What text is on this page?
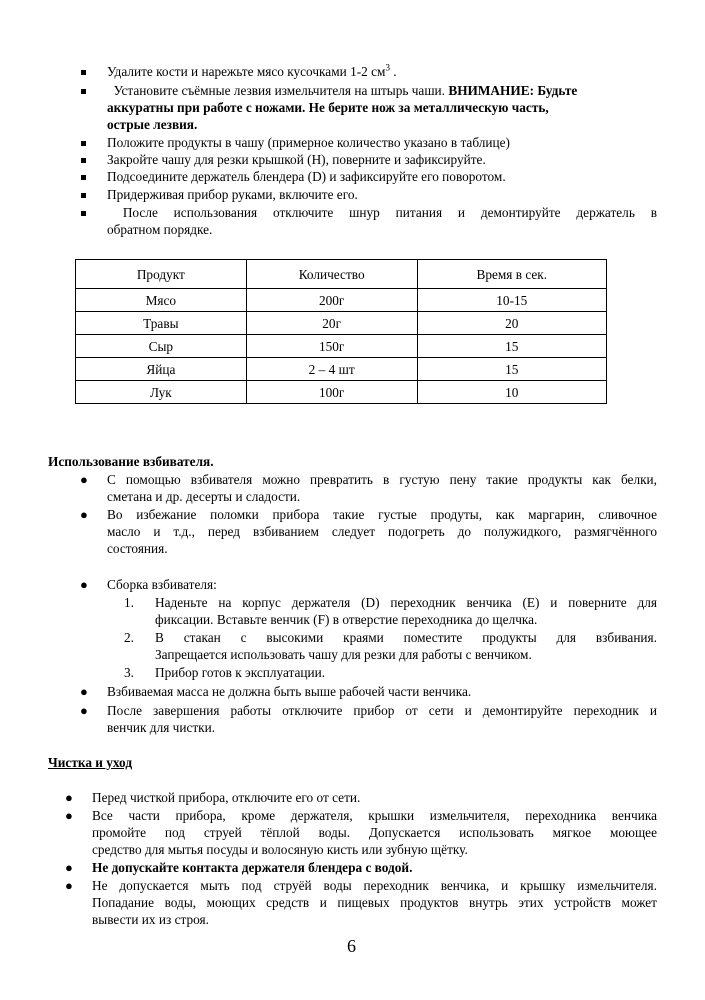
Удалите кости и нарежьте мясо кусочками 1-2 $см^3$ .
Установите съёмные лезвия измельчителя на штырь чаши. ВНИМАНИЕ: Будьте
аккуратны при работе с ножами. Не берите нож за металлическую часть,
острые лезвия.
Положите продукты в чашу (примерное количество указано в таблице)
Закройте чашу для резки крышкой (Н), поверните и зафиксируйте.
Подсоедините держатель блендера (D) и зафиксируйте его поворотом.
Придерживая прибор руками, включите его.
После использования отключите шнур питания и демонтируйте держатель в
обратном порядке.
Продукт	Количество	Время в сек.
Мясо	200г	10-15
Травы	20г	20
Сыр	150г	15
Яйца	2 – 4 шт	15
Лук	100г	10
Использование взбивателя.
● С помощью взбивателя можно превратить в густую пену такие продукты как белки,
сметана и др. десерты и сладости.
● Во избежание поломки прибора такие густые продуты, как маргарин, сливочное
масло и т.д., перед взбиванием следует подогреть до полужидкого, размягчённого
состояния.
● Сборка взбивателя:
1. Наденьте на корпус держателя (D) переходник венчика (E) и поверните для
фиксации. Вставьте венчик (F) в отверстие переходника до щелчка.
2. В стакан с высокими краями поместите продукты для взбивания.
Запрещается использовать чашу для резки для работы с венчиком.
3. Прибор готов к эксплуатации.
● Взбиваемая масса не должна быть выше рабочей части венчика.
● После завершения работы отключите прибор от сети и демонтируйте переходник и
венчик для чистки.
Чистка и уход
● Перед чисткой прибора, отключите его от сети.
● Все части прибора, кроме держателя, крышки измельчителя, переходника венчика
промойте под струей тёплой воды. Допускается использовать мягкое моющее
средство для мытья посуды и волосяную кисть или зубную щётку.
● Не допускайте контакта держателя блендера с водой.
● Не допускается мыть под струёй воды переходник венчика, и крышку измельчителя.
Попадание воды, моющих средств и пищевых продуктов внутрь этих устройств может
вывести их из строя.
6
